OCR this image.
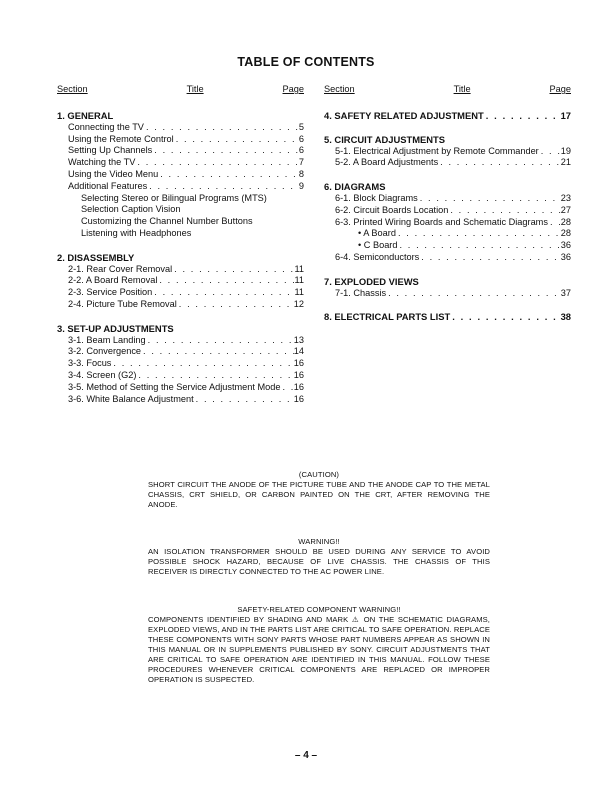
TABLE OF CONTENTS
Section	Title	Page
1. GENERAL
Connecting the TV . . .	5
Using the Remote Control . . .	6
Setting Up Channels . . .	6
Watching the TV . . .	7
Using the Video Menu . . .	8
Additional Features . . .	9
Selecting Stereo or Bilingual Programs (MTS)
Selection Caption Vision
Customizing the Channel Number Buttons
Listening with Headphones
2. DISASSEMBLY
2-1. Rear Cover Removal . . .	11
2-2. A Board Removal . . .	11
2-3. Service Position . . .	11
2-4. Picture Tube Removal . . .	12
3. SET-UP ADJUSTMENTS
3-1. Beam Landing . . .	13
3-2. Convergence . . .	14
3-3. Focus . . .	16
3-4. Screen (G2) . . .	16
3-5. Method of Setting the Service Adjustment Mode . . . 16
3-6. White Balance Adjustment . . .	16
Section	Title	Page
4. SAFETY RELATED ADJUSTMENT . . .	17
5. CIRCUIT ADJUSTMENTS
5-1. Electrical Adjustment by Remote Commander . . . 19
5-2. A Board Adjustments . . .	21
6. DIAGRAMS
6-1. Block Diagrams . . .	23
6-2. Circuit Boards Location . . .	27
6-3. Printed Wiring Boards and Schematic Diagrams . . . 28
• A Board . . .	28
• C Board . . .	36
6-4. Semiconductors . . .	36
7. EXPLODED VIEWS
7-1. Chassis . . .	37
8. ELECTRICAL PARTS LIST . . .	38
(CAUTION)
SHORT CIRCUIT THE ANODE OF THE PICTURE TUBE AND THE ANODE CAP TO THE METAL CHASSIS, CRT SHIELD, OR CARBON PAINTED ON THE CRT, AFTER REMOVING THE ANODE.
WARNING!!
AN ISOLATION TRANSFORMER SHOULD BE USED DURING ANY SERVICE TO AVOID POSSIBLE SHOCK HAZARD, BECAUSE OF LIVE CHASSIS. THE CHASSIS OF THIS RECEIVER IS DIRECTLY CONNECTED TO THE AC POWER LINE.
SAFETY-RELATED COMPONENT WARNING!!
COMPONENTS IDENTIFIED BY SHADING AND MARK ⚠ ON THE SCHEMATIC DIAGRAMS, EXPLODED VIEWS, AND IN THE PARTS LIST ARE CRITICAL TO SAFE OPERATION. REPLACE THESE COMPONENTS WITH SONY PARTS WHOSE PART NUMBERS APPEAR AS SHOWN IN THIS MANUAL OR IN SUPPLEMENTS PUBLISHED BY SONY. CIRCUIT ADJUSTMENTS THAT ARE CRITICAL TO SAFE OPERATION ARE IDENTIFIED IN THIS MANUAL. FOLLOW THESE PROCEDURES WHENEVER CRITICAL COMPONENTS ARE REPLACED OR IMPROPER OPERATION IS SUSPECTED.
– 4 –
